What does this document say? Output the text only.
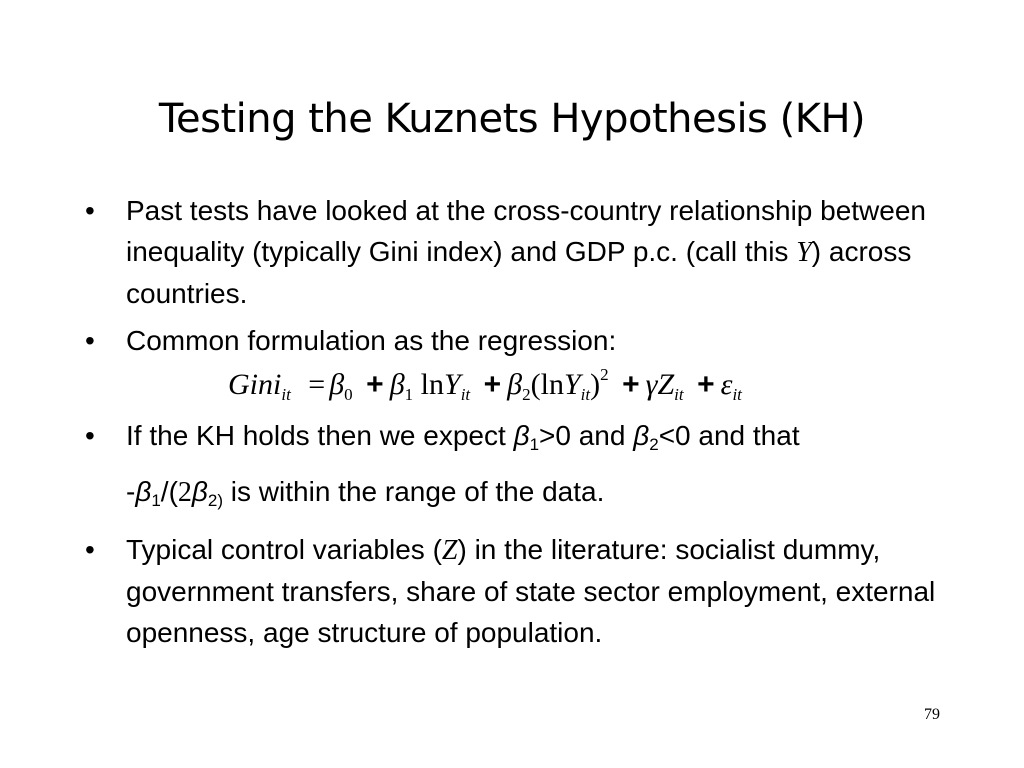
Testing the Kuznets Hypothesis (KH)
• Past tests have looked at the cross-country relationship between inequality (typically Gini index) and GDP p.c. (call this Y) across countries.
• Common formulation as the regression:
Gini$_{it}$ = $\beta_0 + \beta_1$ $\ln Y_{it} + \beta_2(\ln Y_{it})^2 + \gamma Z_{it} + \varepsilon_{it}$
• If the KH holds then we expect $\beta_1>0$ and $\beta_2<0$ and that
$-\beta_1/(2\beta_{2)}$ is within the range of the data.
• Typical control variables (Z) in the literature: socialist dummy, government transfers, share of state sector employment, external openness, age structure of population.
79
